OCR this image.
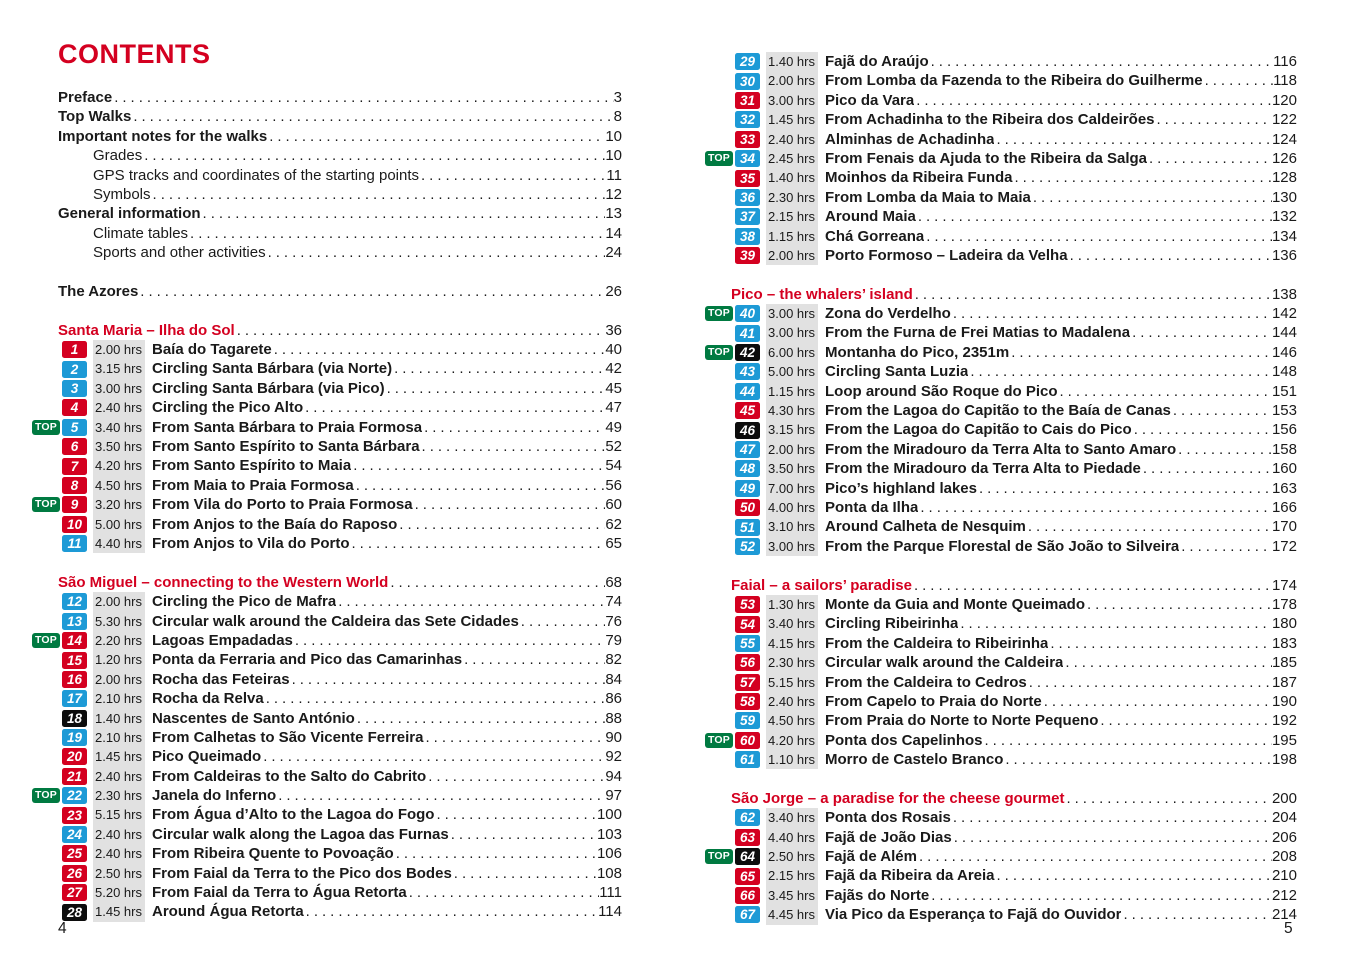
CONTENTS
Preface .....	3
Top Walks .....	8
Important notes for the walks .....	10
Grades .....	10
GPS tracks and coordinates of the starting points .....	11
Symbols .....	12
General information .....	13
Climate tables .....	14
Sports and other activities .....	24
The Azores .....	26
Santa Maria – Ilha do Sol .....	36
1	2.00 hrs Baía do Tagarete .....	40
2	3.15 hrs Circling Santa Bárbara (via Norte) .....	42
3	3.00 hrs Circling Santa Bárbara (via Pico) .....	45
4	2.40 hrs Circling the Pico Alto .....	47
TOP	5	3.40 hrs From Santa Bárbara to Praia Formosa .....	49
6	3.50 hrs From Santo Espírito to Santa Bárbara .....	52
7	4.20 hrs From Santo Espírito to Maia .....	54
8	4.50 hrs From Maia to Praia Formosa .....	56
TOP	9	3.20 hrs From Vila do Porto to Praia Formosa .....	60
10 5.00 hrs From Anjos to the Baía do Raposo .....	62
11	4.40 hrs From Anjos to Vila do Porto .....	65
São Miguel – connecting to the Western World .....	68
12 2.00 hrs Circling the Pico de Mafra .....	74
13 5.30 hrs Circular walk around the Caldeira das Sete Cidades .....	76
TOP 14 2.20 hrs Lagoas Empadadas .....	79
15 1.20 hrs Ponta da Ferraria and Pico das Camarinhas .....	82
16 2.00 hrs Rocha das Feteiras .....	84
17 2.10 hrs Rocha da Relva .....	86
18 1.40 hrs Nascentes de Santo António .....	88
19 2.10 hrs From Calhetas to São Vicente Ferreira .....	90
20 1.45 hrs Pico Queimado .....	92
21 2.40 hrs From Caldeiras to the Salto do Cabrito .....	94
TOP 22 2.30 hrs Janela do Inferno .....	97
23 5.15 hrs From Água d’Alto to the Lagoa do Fogo .....	100
24 2.40 hrs Circular walk along the Lagoa das Furnas .....	103
25 2.40 hrs From Ribeira Quente to Povoação .....	106
26 2.50 hrs From Faial da Terra to the Pico dos Bodes .....	108
27 5.20 hrs From Faial da Terra to Água Retorta .....	111
28 1.45 hrs Around Água Retorta .....	114
29 1.40 hrs Fajã do Araújo .....	116
30 2.00 hrs From Lomba da Fazenda to the Ribeira do Guilherme .....	118
31 3.00 hrs Pico da Vara .....	120
32 1.45 hrs From Achadinha to the Ribeira dos Caldeirões .....	122
33 2.40 hrs Alminhas de Achadinha .....	124
TOP 34 2.45 hrs From Fenais da Ajuda to the Ribeira da Salga .....	126
35 1.40 hrs Moinhos da Ribeira Funda .....	128
36 2.30 hrs From Lomba da Maia to Maia .....	130
37 2.15 hrs Around Maia .....	132
38 1.15 hrs Chá Gorreana .....	134
39 2.00 hrs Porto Formoso – Ladeira da Velha .....	136
Pico – the whalers’ island .....	138
TOP 40 3.00 hrs Zona do Verdelho .....	142
41 3.00 hrs From the Furna de Frei Matias to Madalena .....	144
TOP 42 6.00 hrs Montanha do Pico, 2351m .....	146
43 5.00 hrs Circling Santa Luzia .....	148
44 1.15 hrs Loop around São Roque do Pico .....	151
45 4.30 hrs From the Lagoa do Capitão to the Baía de Canas .....	153
46 3.15 hrs From the Lagoa do Capitão to Cais do Pico .....	156
47 2.00 hrs From the Miradouro da Terra Alta to Santo Amaro .....	158
48 3.50 hrs From the Miradouro da Terra Alta to Piedade .....	160
49 7.00 hrs Pico’s highland lakes .....	163
50 4.00 hrs Ponta da Ilha .....	166
51 3.10 hrs Around Calheta de Nesquim .....	170
52 3.00 hrs From the Parque Florestal de São João to Silveira .....	172
Faial – a sailors’ paradise .....	174
53 1.30 hrs Monte da Guia and Monte Queimado .....	178
54 3.40 hrs Circling Ribeirinha .....	180
55 4.15 hrs From the Caldeira to Ribeirinha .....	183
56 2.30 hrs Circular walk around the Caldeira .....	185
57 5.15 hrs From the Caldeira to Cedros .....	187
58 2.40 hrs From Capelo to Praia do Norte .....	190
59 4.50 hrs From Praia do Norte to Norte Pequeno .....	192
TOP 60 4.20 hrs Ponta dos Capelinhos .....	195
61 1.10 hrs Morro de Castelo Branco .....	198
São Jorge – a paradise for the cheese gourmet .....	200
62 3.40 hrs Ponta dos Rosais .....	204
63 4.40 hrs Fajã de João Dias .....	206
TOP 64 2.50 hrs Fajã de Além .....	208
65 2.15 hrs Fajã da Ribeira da Areia .....	210
66 3.45 hrs Fajãs do Norte .....	212
67 4.45 hrs Via Pico da Esperança to Fajã do Ouvidor .....	214
4	5
